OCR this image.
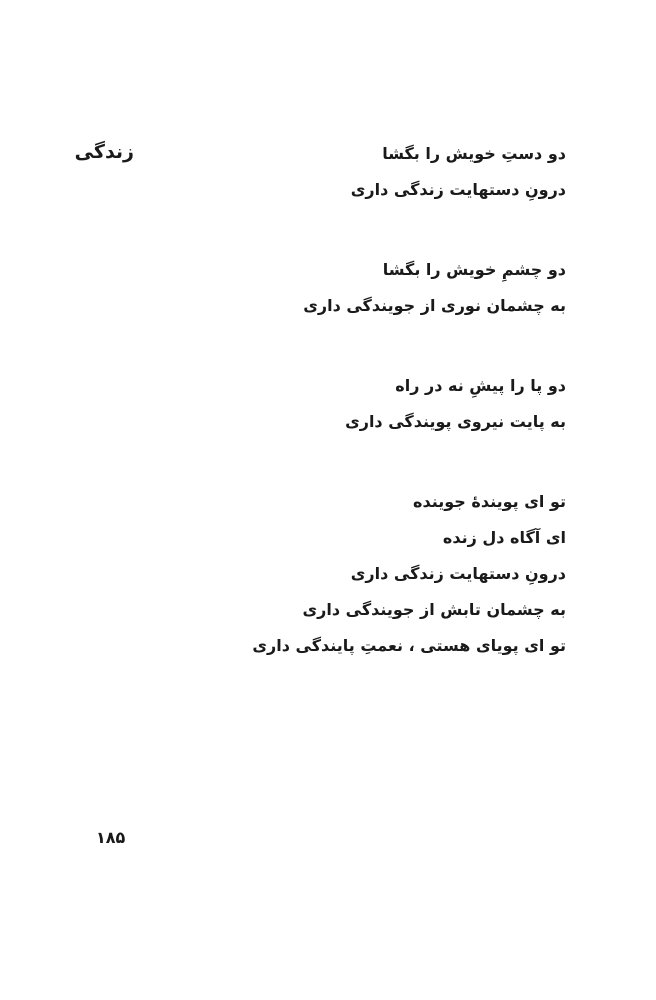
زندگی	دو دستِ خویش را بگشا
درونِ دستهایت زندگی داری
دو چشمِ خویش را بگشا
به چشمان نوری از جویندگی داری
دو پا را پیشِ نه در راه
به پایت نیروی پویندگی داری
تو ای پویندهٔ جوینده
ای آگاه دل زنده
درونِ دستهایت زندگی داری
به چشمان تابش از جویندگی داری
تو ای پویای هستی ، نعمتِ پایندگی داری
۱۸۵
